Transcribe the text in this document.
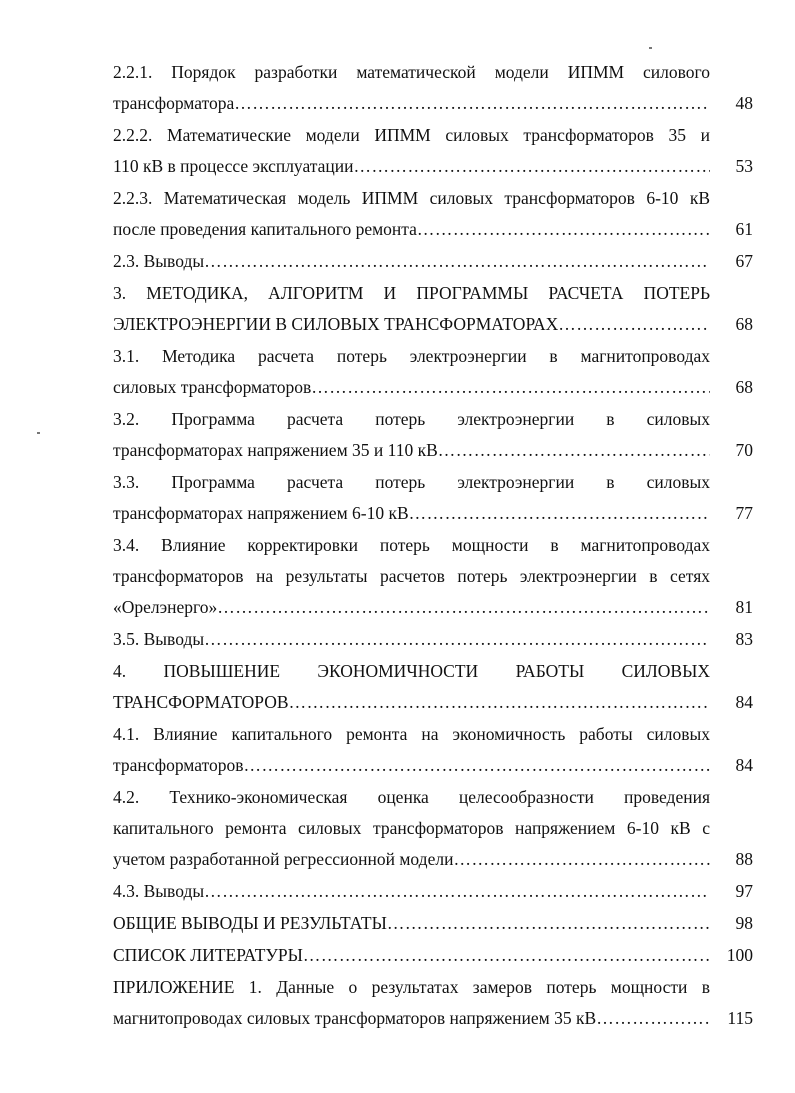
2.2.1. Порядок разработки математической модели ИПММ силового
трансформатора ……………………………………………………………………………………………………………………………	48
2.2.2. Математические модели ИПММ силовых трансформаторов 35 и
110 кВ в процессе эксплуатации ……………………………………………………………………………………………………………………………	53
2.2.3. Математическая модель ИПММ силовых трансформаторов 6-10 кВ
после проведения капитального ремонта ……………………………………………………………………………………………………………………………	61
2.3. Выводы ……………………………………………………………………………………………………………………………	67
3. МЕТОДИКА, АЛГОРИТМ И ПРОГРАММЫ РАСЧЕТА ПОТЕРЬ
ЭЛЕКТРОЭНЕРГИИ В СИЛОВЫХ ТРАНСФОРМАТОРАХ ……………………………………………………………………………………………………………………………	68
3.1. Методика расчета потерь электроэнергии в магнитопроводах
силовых трансформаторов ……………………………………………………………………………………………………………………………	68
3.2. Программа расчета потерь электроэнергии в силовых
трансформаторах напряжением 35 и 110 кВ ……………………………………………………………………………………………………………………………	70
3.3. Программа расчета потерь электроэнергии в силовых
трансформаторах напряжением 6-10 кВ ……………………………………………………………………………………………………………………………	77
3.4. Влияние корректировки потерь мощности в магнитопроводах
трансформаторов на результаты расчетов потерь электроэнергии в сетях
«Орелэнерго» ……………………………………………………………………………………………………………………………	81
3.5. Выводы ……………………………………………………………………………………………………………………………	83
4. ПОВЫШЕНИЕ ЭКОНОМИЧНОСТИ РАБОТЫ СИЛОВЫХ
ТРАНСФОРМАТОРОВ ……………………………………………………………………………………………………………………………	84
4.1. Влияние капитального ремонта на экономичность работы силовых
трансформаторов ……………………………………………………………………………………………………………………………	84
4.2. Технико-экономическая оценка целесообразности проведения
капитального ремонта силовых трансформаторов напряжением 6-10 кВ с
учетом разработанной регрессионной модели ……………………………………………………………………………………………………………………………	88
4.3. Выводы ……………………………………………………………………………………………………………………………	97
ОБЩИЕ ВЫВОДЫ И РЕЗУЛЬТАТЫ ……………………………………………………………………………………………………………………………	98
СПИСОК ЛИТЕРАТУРЫ ……………………………………………………………………………………………………………………………	100
ПРИЛОЖЕНИЕ 1. Данные о результатах замеров потерь мощности в
магнитопроводах силовых трансформаторов напряжением 35 кВ ……………………………………………………………………………………………………………………………	115
